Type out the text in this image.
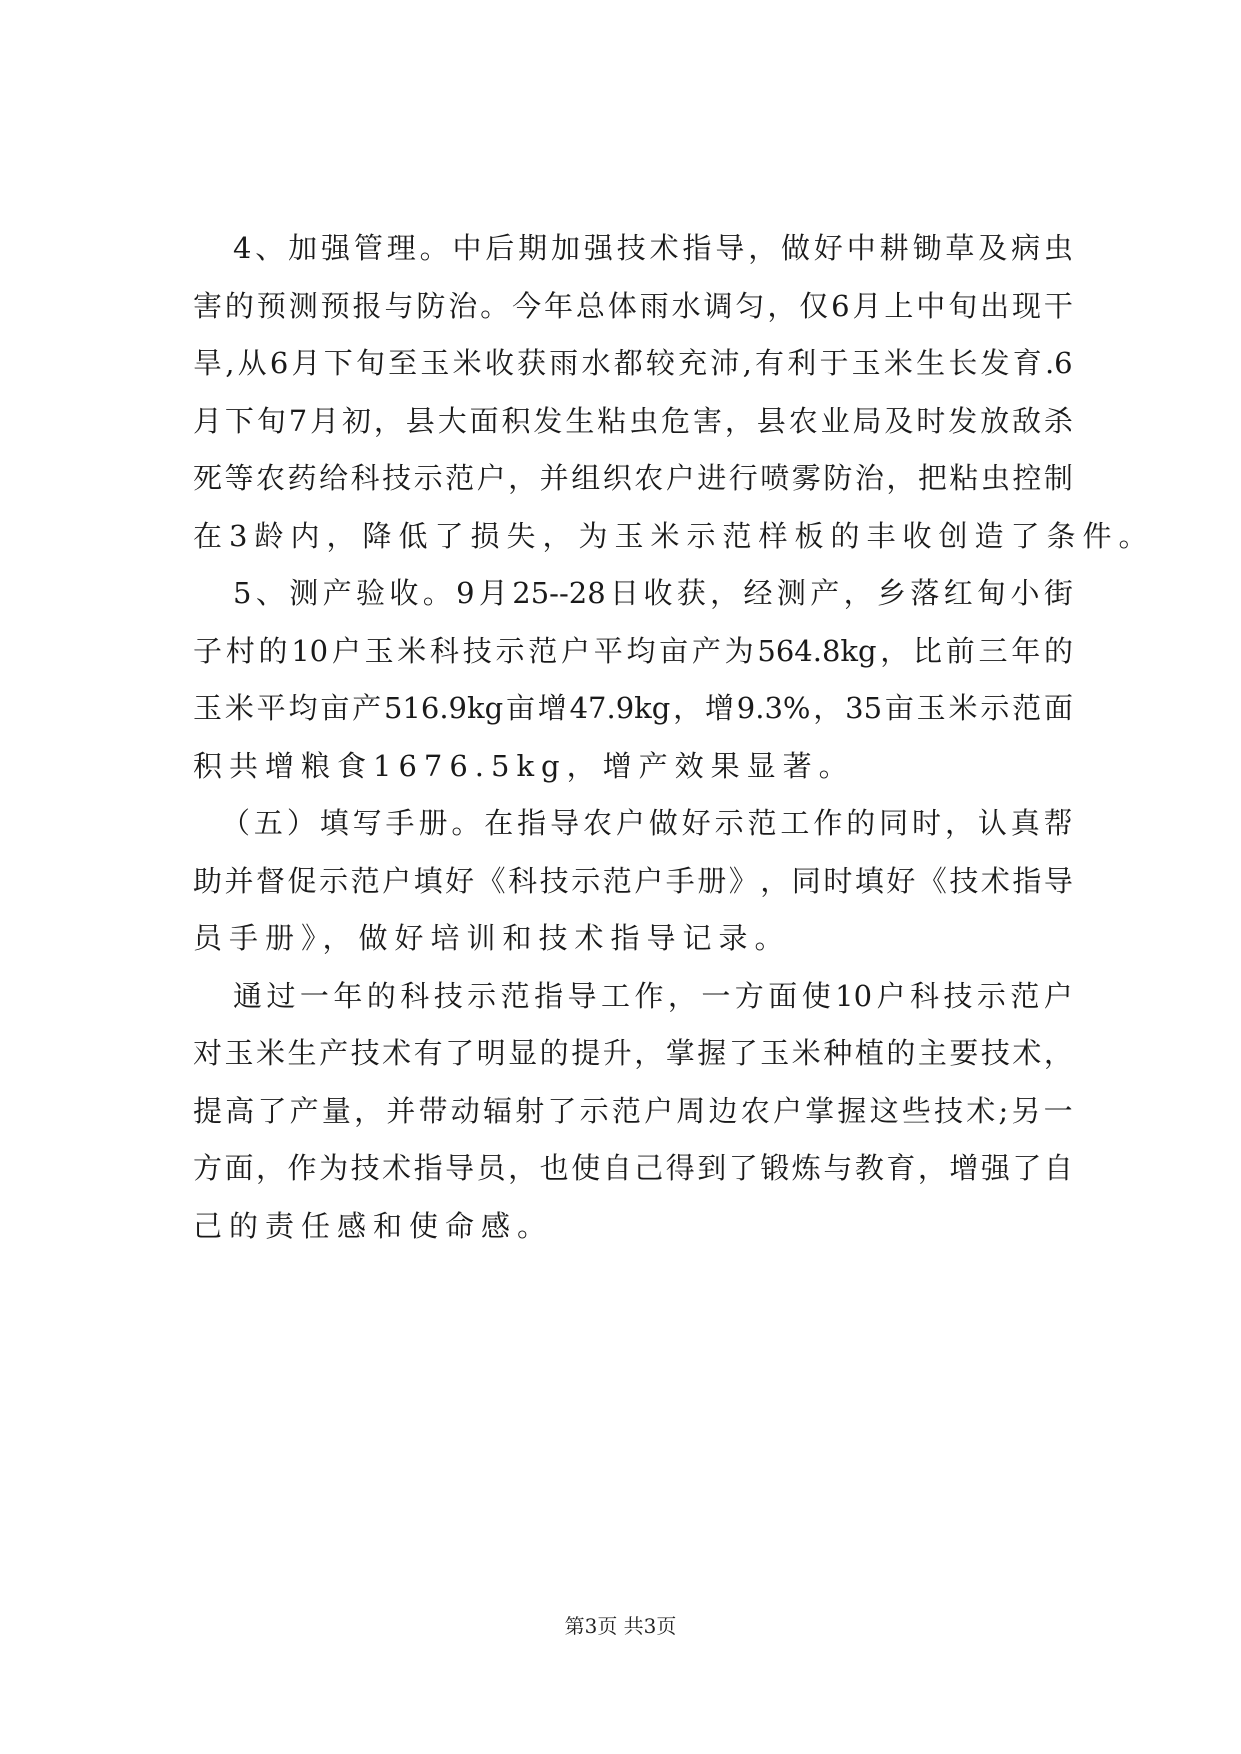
4 、 加 强 管 理 。 中 后 期 加 强 技 术 指 导 ， 做 好 中 耕 锄 草 及 病 虫
害 的 预 测 预 报 与 防 治 。 今 年 总 体 雨 水 调 匀 ， 仅 6 月 上 中 旬 出 现 干
旱 , 从 6 月 下 旬 至 玉 米 收 获 雨 水 都 较 充 沛 , 有 利 于 玉 米 生 长 发 育 .6
月 下 旬 7 月 初 ， 县 大 面 积 发 生 粘 虫 危 害 ， 县 农 业 局 及 时 发 放 敌 杀
死 等 农 药 给 科 技 示 范 户 ， 并 组 织 农 户 进 行 喷 雾 防 治 ， 把 粘 虫 控 制
在3龄内，降低了损失，为玉米示范样板的丰收创造了条件。
5 、 测 产 验 收 。 9 月 25--28 日 收 获 ， 经 测 产 ， 乡 落 红 甸 小 街
子 村 的 10 户 玉 米 科 技 示 范 户 平 均 亩 产 为 564.8kg ， 比 前 三 年 的
玉 米 平 均 亩 产 516.9kg 亩 增 47.9kg ， 增 9.3% ， 35 亩 玉 米 示 范 面
积共增粮食1676.5kg，增产效果显著。
（ 五 ） 填 写 手 册 。 在 指 导 农 户 做 好 示 范 工 作 的 同 时 ， 认 真 帮
助 并 督 促 示 范 户 填 好 《 科 技 示 范 户 手 册 》 ， 同 时 填 好 《 技 术 指 导
员手册》，做好培训和技术指导记录。
通 过 一 年 的 科 技 示 范 指 导 工 作 ， 一 方 面 使 10 户 科 技 示 范 户
对 玉 米 生 产 技 术 有 了 明 显 的 提 升 ， 掌 握 了 玉 米 种 植 的 主 要 技 术 ，
提 高 了 产 量 ， 并 带 动 辐 射 了 示 范 户 周 边 农 户 掌 握 这 些 技 术 ; 另 一
方 面 ， 作 为 技 术 指 导 员 ， 也 使 自 己 得 到 了 锻 炼 与 教 育 ， 增 强 了 自
己的责任感和使命感。
第3页 共3页
